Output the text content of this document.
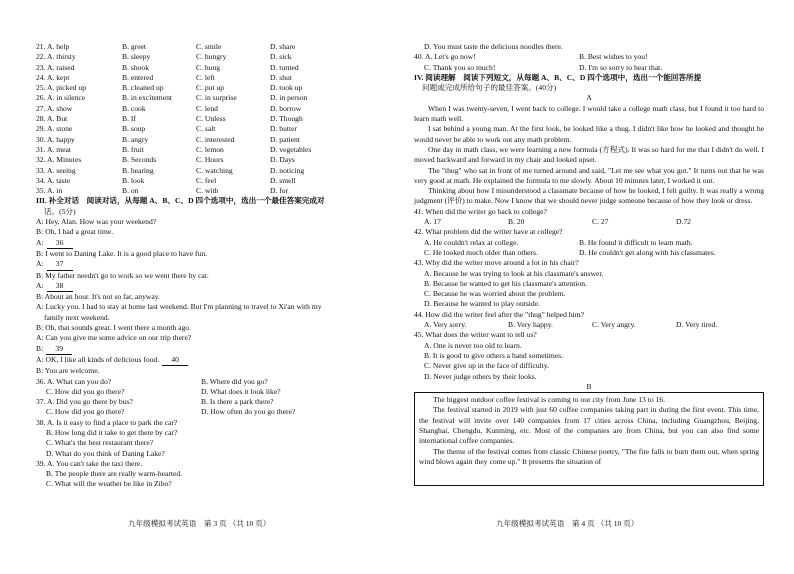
21. A. help	B. greet	C. smile	D. share
22. A. thirsty	B. sleepy	C. hungry	D. sick
23. A. raised	B. shook	C. hung	D. turned
24. A. kept	B. entered	C. left	D. shut
25. A. picked up	B. cleaned up	C. put up	D. took up
26. A. in silence	B. in excitement	C. in surprise	D. in person
27. A. show	B. cook	C. lend	D. borrow
28. A. But	B. If	C. Unless	D. Though
29. A. stone	B. soup	C. salt	D. butter
30. A. happy	B. angry	C. interested	D. patient
31. A. meat	B. fruit	C. lemon	D. vegetables
32. A. Minutes	B. Seconds	C. Hours	D. Days
33. A. seeing	B. hearing	C. watching	D. noticing
34. A. taste	B. look	C. feel	D. smell
35. A. in	B. on	C. with	D. for
III. 补全对话　阅读对话，从每题 A、B、C、D 四个选项中，选出一个最佳答案完成对
话。(5分)
A: Hey, Alan. How was your weekend?
B: Oh, I had a great time.
A: 36
B: I went to Daning Lake. It is a good place to have fun.
A: 37
B: My father needn't go to work so we went there by car.
A: 38
B: About an hour. It's not so far, anyway.
A: Lucky you. I had to stay at home last weekend. But I'm planning to travel to Xi'an with my
family next weekend.
B: Oh, that sounds great. I went there a month ago.
A: Can you give me some advice on our trip there?
B: 39
A: OK, I like all kinds of delicious food. 40
B: You are welcome.
36. A. What can you do?	B. Where did you go?
C. How did you go there?	D. What does it look like?
37. A. Did you go there by bus?	B. Is there a park there?
C. How did you go there?	D. How often do you go there?
38. A. Is it easy to find a place to park the car?
B. How long did it take to get there by car?
C. What's the best restaurant there?
D. What do you think of Daning Lake?
39. A. You can't take the taxi there.
B. The people there are really warm-hearted.
C. What will the weather be like in Zibo?
九年级模拟考试英语　第 3 页 （共 10 页）
D. You must taste the delicious noodles there.
40. A. Let's go now!	B. Best wishes to you!
C. Thank you so much!	D. I'm so sorry to hear that.
IV. 阅读理解　阅读下列短文，从每题 A、B、C、D 四个选项中，选出一个能回答所提
问题或完成所给句子的最佳答案。(40分)
A
When I was twenty-seven, I went back to college. I would take a college math class, but I found it too hard to learn math well.
I sat behind a young man. At the first look, he looked like a thug. I didn't like how he looked and thought he would never be able to work out any math problem.
One day in math class, we were learning a new formula (方程式). It was so hard for me that I didn't do well. I moved backward and forward in my chair and looked upset.
The "thug" who sat in front of me turned around and said, "Let me see what you got." It turns out that he was very good at math. He explained the formula to me slowly. About 10 minutes later, I worked it out.
Thinking about how I misunderstood a classmate because of how he looked, I felt guilty. It was really a wrong judgment (评价) to make. Now I know that we should never judge someone because of how they look or dress.
41. When did the writer go back to college?
A. 17	B. 20	C. 27	D.72
42. What problem did the writer have at college?
A. He couldn't relax at college.	B. He found it difficult to learn math.
C. He looked much older than others.	D. He couldn't get along with his classmates.
43. Why did the writer move around a lot in his chair?
A. Because he was trying to look at his classmate's answer.
B. Because he wanted to get his classmate's attention.
C. Because he was worried about the problem.
D. Because he wanted to play outside.
44. How did the writer feel after the "thug" helped him?
A. Very sorry.	B. Very happy.	C. Very angry.	D. Very tired.
45. What does the writer want to tell us?
A. One is never too old to learn.
B. It is good to give others a hand sometimes.
C. Never give up in the face of difficulty.
D. Never judge others by their looks.
B
The biggest outdoor coffee festival is coming to our city from June 13 to 16.
The festival started in 2019 with just 60 coffee companies taking part in during the first event. This time, the festival will invite over 140 companies from 17 cities across China, including Guangzhou, Beijing, Shanghai, Chengdu, Kunming, etc. Most of the companies are from China, but you can also find some international coffee companies.
The theme of the festival comes from classic Chinese poetry, "The fire falls to burn them out, when spring wind blows again they come up." It presents the situation of
九年级模拟考试英语　第 4 页 （共 10 页）
